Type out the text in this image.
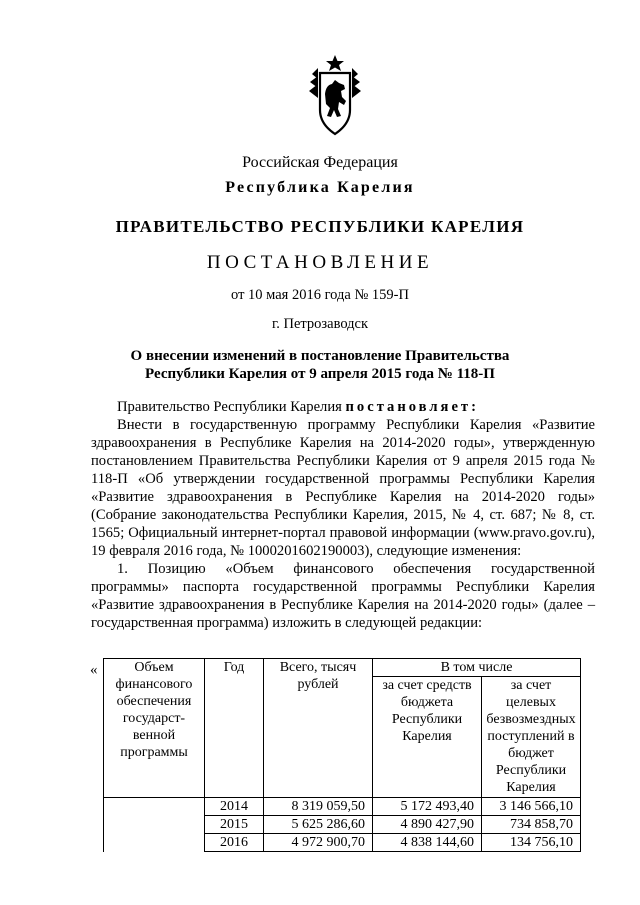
Российская Федерация
Республика Карелия
ПРАВИТЕЛЬСТВО РЕСПУБЛИКИ КАРЕЛИЯ
ПОСТАНОВЛЕНИЕ
от 10 мая 2016 года № 159-П
г. Петрозаводск
О внесении изменений в постановление Правительства
Республики Карелия от 9 апреля 2015 года № 118-П

Правительство Республики Карелия постановляет:

Внести в государственную программу Республики Карелия «Развитие здравоохранения в Республике Карелия на 2014-2020 годы», утвержденную постановлением Правительства Республики Карелия от 9 апреля 2015 года № 118-П «Об утверждении государственной программы Республики Карелия «Развитие здравоохранения в Республике Карелия на 2014-2020 годы» (Собрание законодательства Республики Карелия, 2015, № 4, ст. 687; № 8, ст. 1565; Официальный интернет-портал правовой информации (www.pravo.gov.ru), 19 февраля 2016 года, № 1000201602190003), следующие изменения:

1. Позицию «Объем финансового обеспечения государственной программы» паспорта государственной программы Республики Карелия «Развитие здравоохранения в Республике Карелия на 2014-2020 годы» (далее – государственная программа) изложить в следующей редакции:

«	Объем финансового обеспечения государст-венной программы	Год	Всего, тысяч рублей	В том числе	
			за счет средств бюджета Республики Карелия	за счет целевых безвозмездных поступлений в бюджет Республики Карелия
	2014	8 319 059,50	5 172 493,40	3 146 566,10
	2015	5 625 286,60	4 890 427,90	734 858,70
	2016	4 972 900,70	4 838 144,60	134 756,10
